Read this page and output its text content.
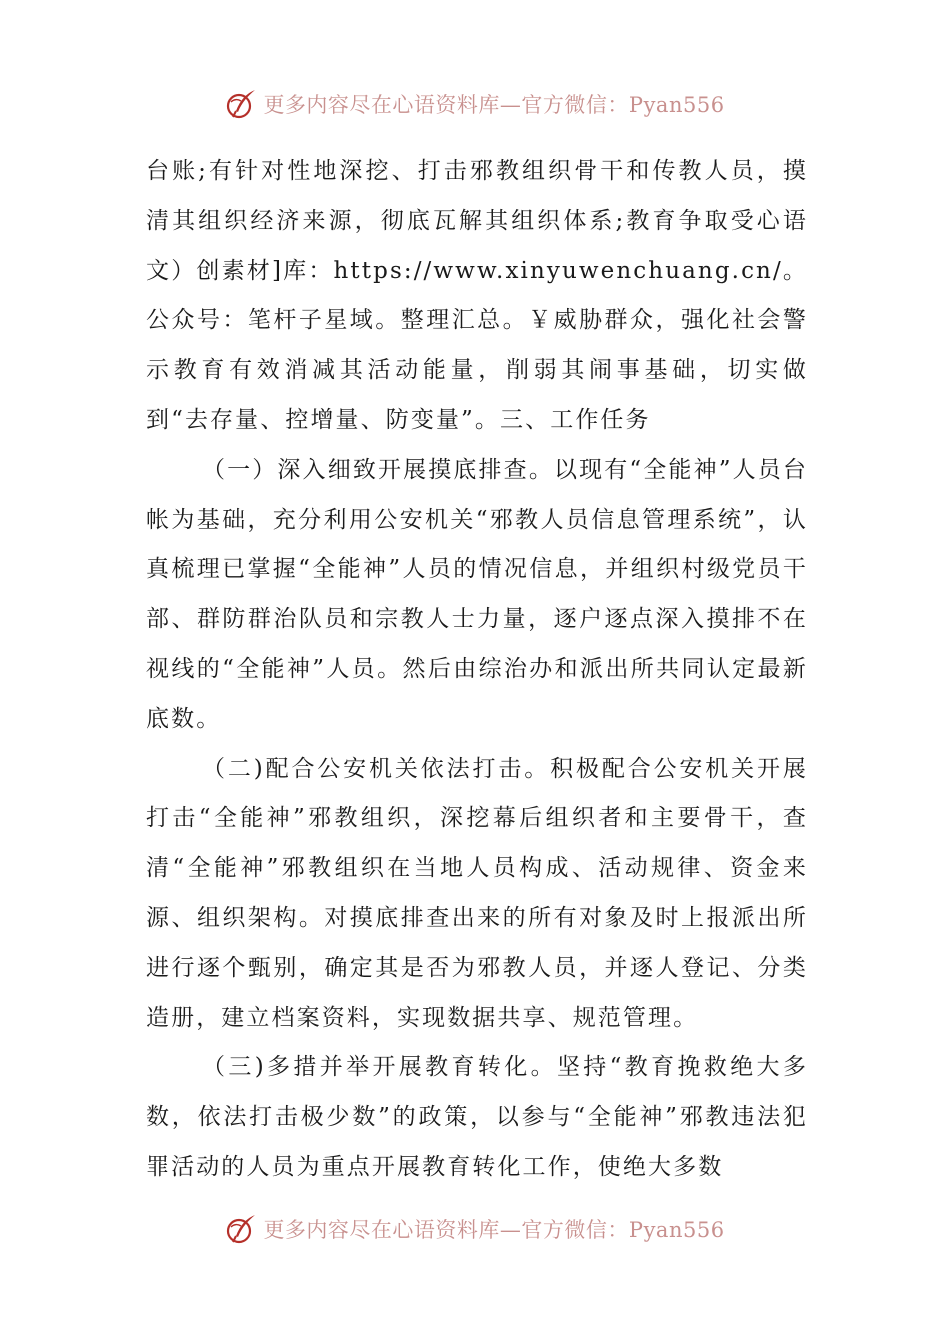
更多内容尽在心语资料库—官方微信：Pyan556

台账;有针对性地深挖、打击邪教组织骨干和传教人员，摸清其组织经济来源，彻底瓦解其组织体系;教育争取受心语文）创素材]库：https://www.xinyuwenchuang.cn/。公众号：笔杆子星域。整理汇总。￥威胁群众，强化社会警示教育有效消减其活动能量，削弱其闹事基础，切实做到“去存量、控增量、防变量”。三、工作任务

（一）深入细致开展摸底排查。以现有“全能神”人员台帐为基础，充分利用公安机关“邪教人员信息管理系统”，认真梳理已掌握“全能神”人员的情况信息，并组织村级党员干部、群防群治队员和宗教人士力量，逐户逐点深入摸排不在视线的“全能神”人员。然后由综治办和派出所共同认定最新底数。

（二)配合公安机关依法打击。积极配合公安机关开展打击“全能神”邪教组织，深挖幕后组织者和主要骨干，查清“全能神”邪教组织在当地人员构成、活动规律、资金来源、组织架构。对摸底排查出来的所有对象及时上报派出所进行逐个甄别，确定其是否为邪教人员，并逐人登记、分类造册，建立档案资料，实现数据共享、规范管理。

（三)多措并举开展教育转化。坚持“教育挽救绝大多数，依法打击极少数”的政策，以参与“全能神”邪教违法犯罪活动的人员为重点开展教育转化工作，使绝大多数

更多内容尽在心语资料库—官方微信：Pyan556
